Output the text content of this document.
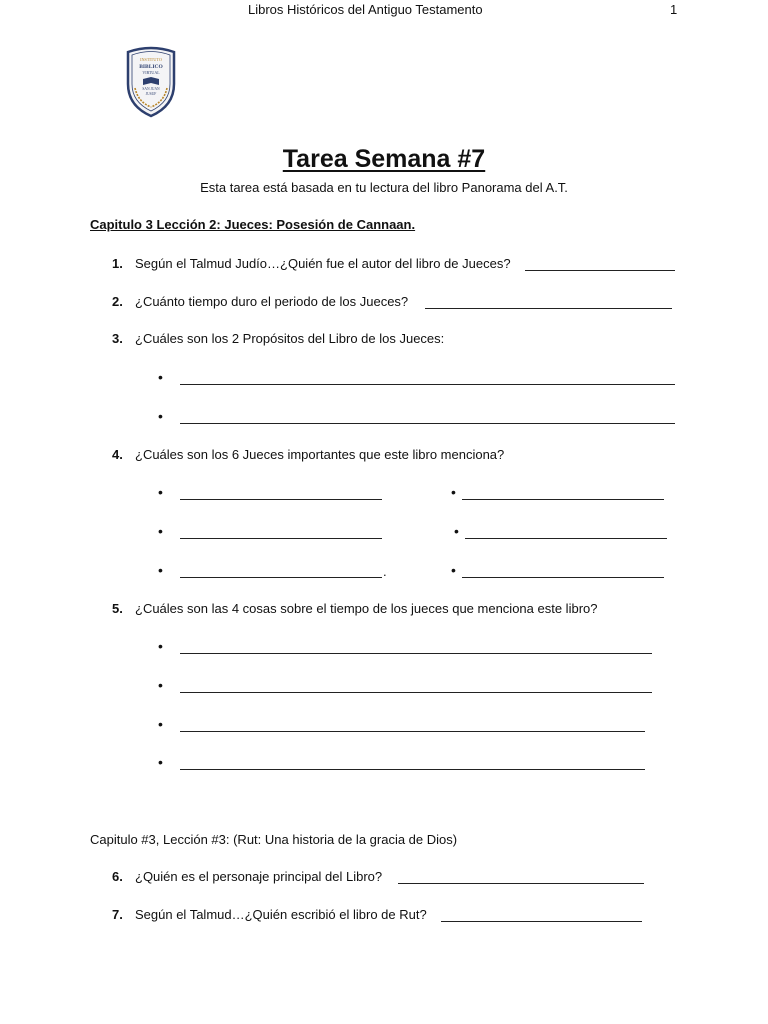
Libros Históricos del Antiguo Testamento	1
INSTITUTO
BIBLICO
VIRTUAL
SAN JUAN
JUSUF
Tarea Semana #7
Esta tarea está basada en tu lectura del libro Panorama del A.T.
Capitulo 3 Lección 2: Jueces: Posesión de Cannaan.
1. Según el Talmud Judío…¿Quién fue el autor del libro de Jueces?
2. ¿Cuánto tiempo duro el periodo de los Jueces?
3. ¿Cuáles son los 2 Propósitos del Libro de los Jueces:
•
•
4. ¿Cuáles son los 6 Jueces importantes que este libro menciona?
•	•
•	•
•	.	•
5. ¿Cuáles son las 4 cosas sobre el tiempo de los jueces que menciona este libro?
•
•
•
•
Capitulo #3, Lección #3: (Rut: Una historia de la gracia de Dios)
6. ¿Quién es el personaje principal del Libro?
7. Según el Talmud…¿Quién escribió el libro de Rut?
